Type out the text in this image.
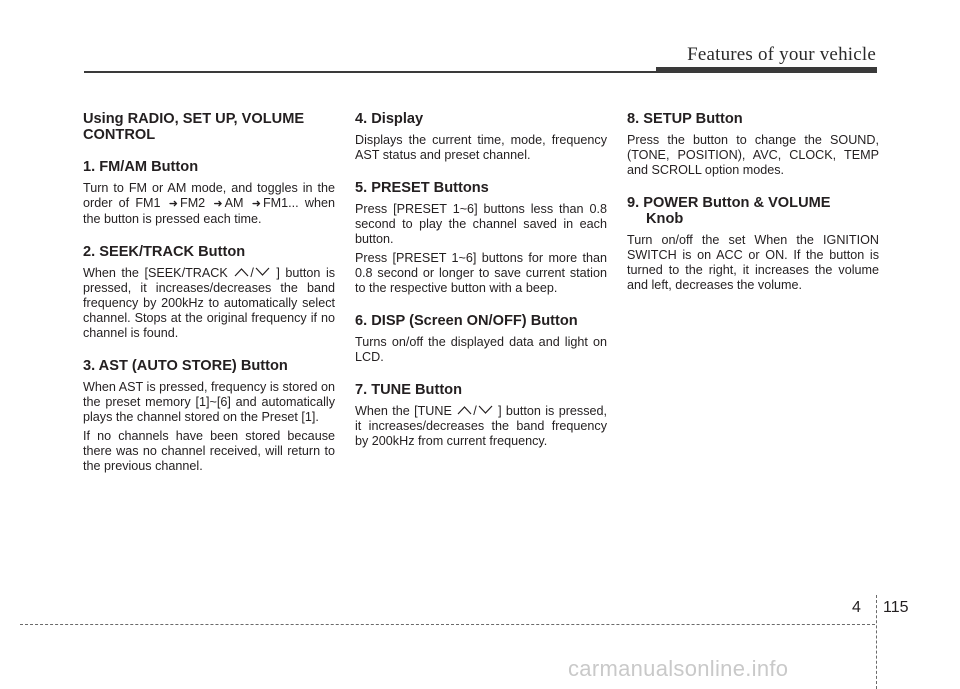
Features of your vehicle
Using RADIO, SET UP, VOLUME CONTROL
1. FM/AM Button

Turn to FM or AM mode, and toggles in the order of FM1 ➜ FM2 ➜ AM ➜ FM1... when the button is pressed each time.

2. SEEK/TRACK Button

When the [SEEK/TRACK / ] button is pressed, it increases/decreases the band frequency by 200kHz to automatically select channel. Stops at the original frequency if no channel is found.

3. AST (AUTO STORE) Button

When AST is pressed, frequency is stored on the preset memory [1]~[6] and automatically plays the channel stored on the Preset [1].

If no channels have been stored because there was no channel received, will return to the previous channel.

4. Display

Displays the current time, mode, frequency AST status and preset channel.

5. PRESET Buttons

Press [PRESET 1~6] buttons less than 0.8 second to play the channel saved in each button.

Press [PRESET 1~6] buttons for more than 0.8 second or longer to save current station to the respective button with a beep.

6. DISP (Screen ON/OFF) Button

Turns on/off the displayed data and light on LCD.

7. TUNE Button

When the [TUNE / ] button is pressed, it increases/decreases the band frequency by 200kHz from current frequency.

8. SETUP Button

Press the button to change the SOUND, (TONE, POSITION), AVC, CLOCK, TEMP and SCROLL option modes.

9. POWER Button & VOLUME
Knob

Turn on/off the set When the IGNITION SWITCH is on ACC or ON. If the button is turned to the right, it increases the volume and left, decreases the volume.

4 115
carmanualsonline.info
